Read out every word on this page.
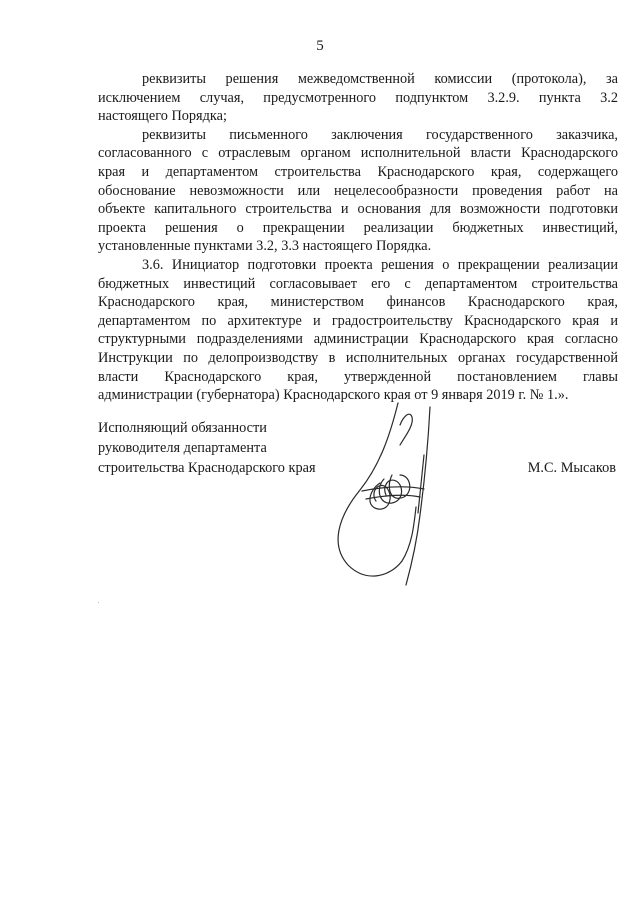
5
реквизиты решения межведомственной комиссии (протокола), за
исключением случая, предусмотренного подпунктом 3.2.9. пункта 3.2
настоящего Порядка;
реквизиты письменного заключения государственного заказчика,
согласованного с отраслевым органом исполнительной власти Краснодарского
края и департаментом строительства Краснодарского края, содержащего
обоснование невозможности или нецелесообразности проведения работ на
объекте капитального строительства и основания для возможности подготовки
проекта решения о прекращении реализации бюджетных инвестиций,
установленные пунктами 3.2, 3.3 настоящего Порядка.
3.6. Инициатор подготовки проекта решения о прекращении реализации
бюджетных инвестиций согласовывает его с департаментом строительства
Краснодарского края, министерством финансов Краснодарского края,
департаментом по архитектуре и градостроительству Краснодарского края и
структурными подразделениями администрации Краснодарского края согласно
Инструкции по делопроизводству в исполнительных органах государственной
власти Краснодарского края, утвержденной постановлением главы
администрации (губернатора) Краснодарского края от 9 января 2019 г. № 1.».
Исполняющий обязанности
руководителя департамента
строительства Краснодарского края	М.С. Мысаков
